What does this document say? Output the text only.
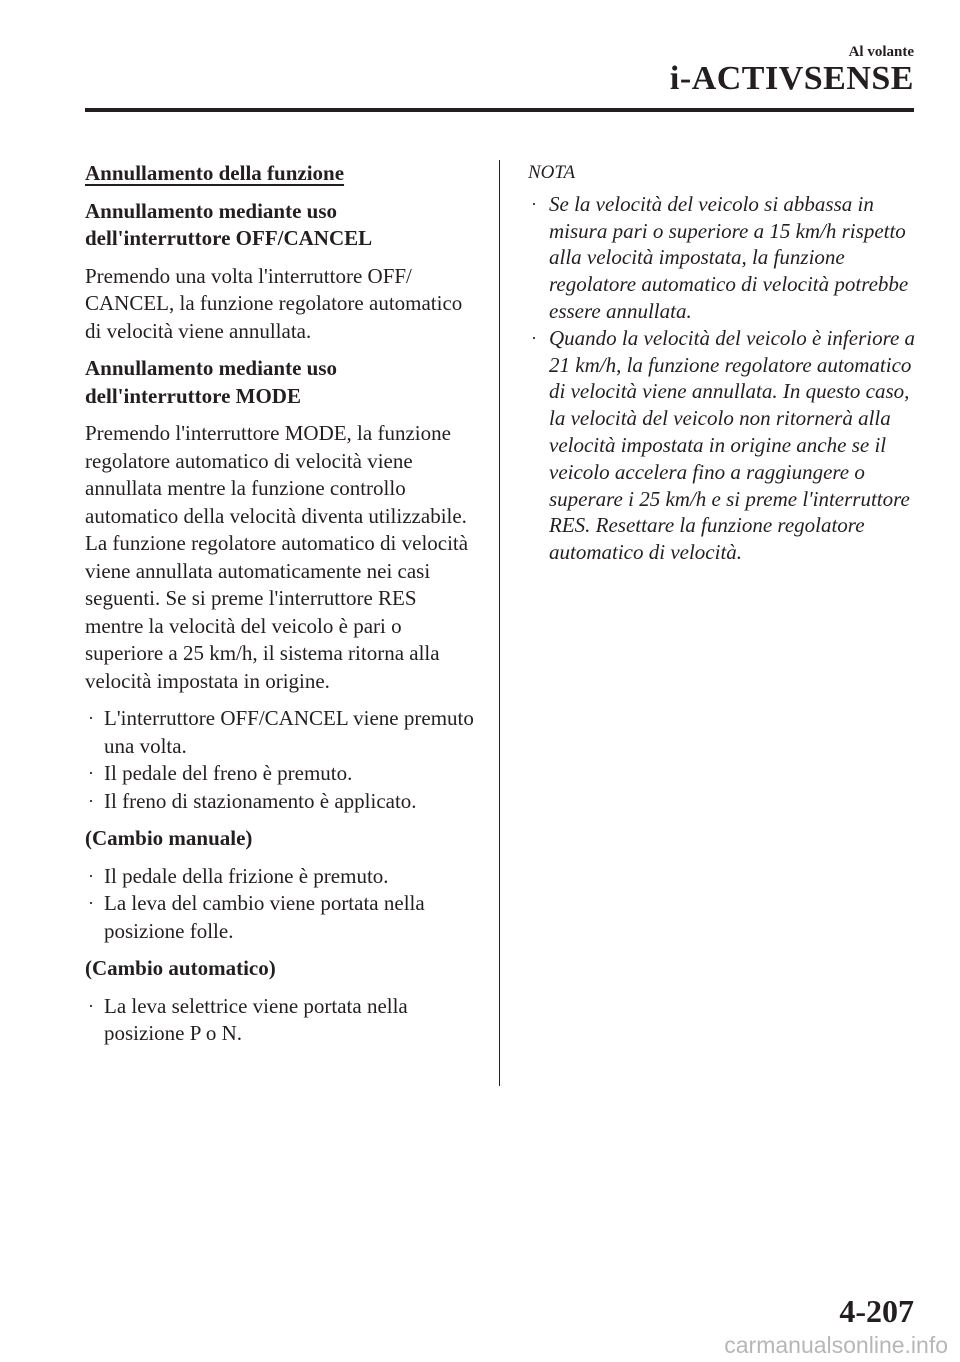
Al volante
i-ACTIVSENSE
Annullamento della funzione
Annullamento mediante uso dell'interruttore OFF/CANCEL

Premendo una volta l'interruttore OFF/ CANCEL, la funzione regolatore automatico di velocità viene annullata.

Annullamento mediante uso dell'interruttore MODE

Premendo l'interruttore MODE, la funzione regolatore automatico di velocità viene annullata mentre la funzione controllo automatico della velocità diventa utilizzabile.

La funzione regolatore automatico di velocità viene annullata automaticamente nei casi seguenti. Se si preme l'interruttore RES mentre la velocità del veicolo è pari o superiore a 25 km/h, il sistema ritorna alla velocità impostata in origine.

· L'interruttore OFF/CANCEL viene premuto una volta.
· Il pedale del freno è premuto.
· Il freno di stazionamento è applicato.
(Cambio manuale)
· Il pedale della frizione è premuto.
· La leva del cambio viene portata nella posizione folle.
(Cambio automatico)
· La leva selettrice viene portata nella posizione P o N.
NOTA
· Se la velocità del veicolo si abbassa in misura pari o superiore a 15 km/h rispetto alla velocità impostata, la funzione regolatore automatico di velocità potrebbe essere annullata.
· Quando la velocità del veicolo è inferiore a 21 km/h, la funzione regolatore automatico di velocità viene annullata. In questo caso, la velocità del veicolo non ritornerà alla velocità impostata in origine anche se il veicolo accelera fino a raggiungere o superare i 25 km/h e si preme l'interruttore RES. Resettare la funzione regolatore automatico di velocità.
4-207
carmanualsonline.info
